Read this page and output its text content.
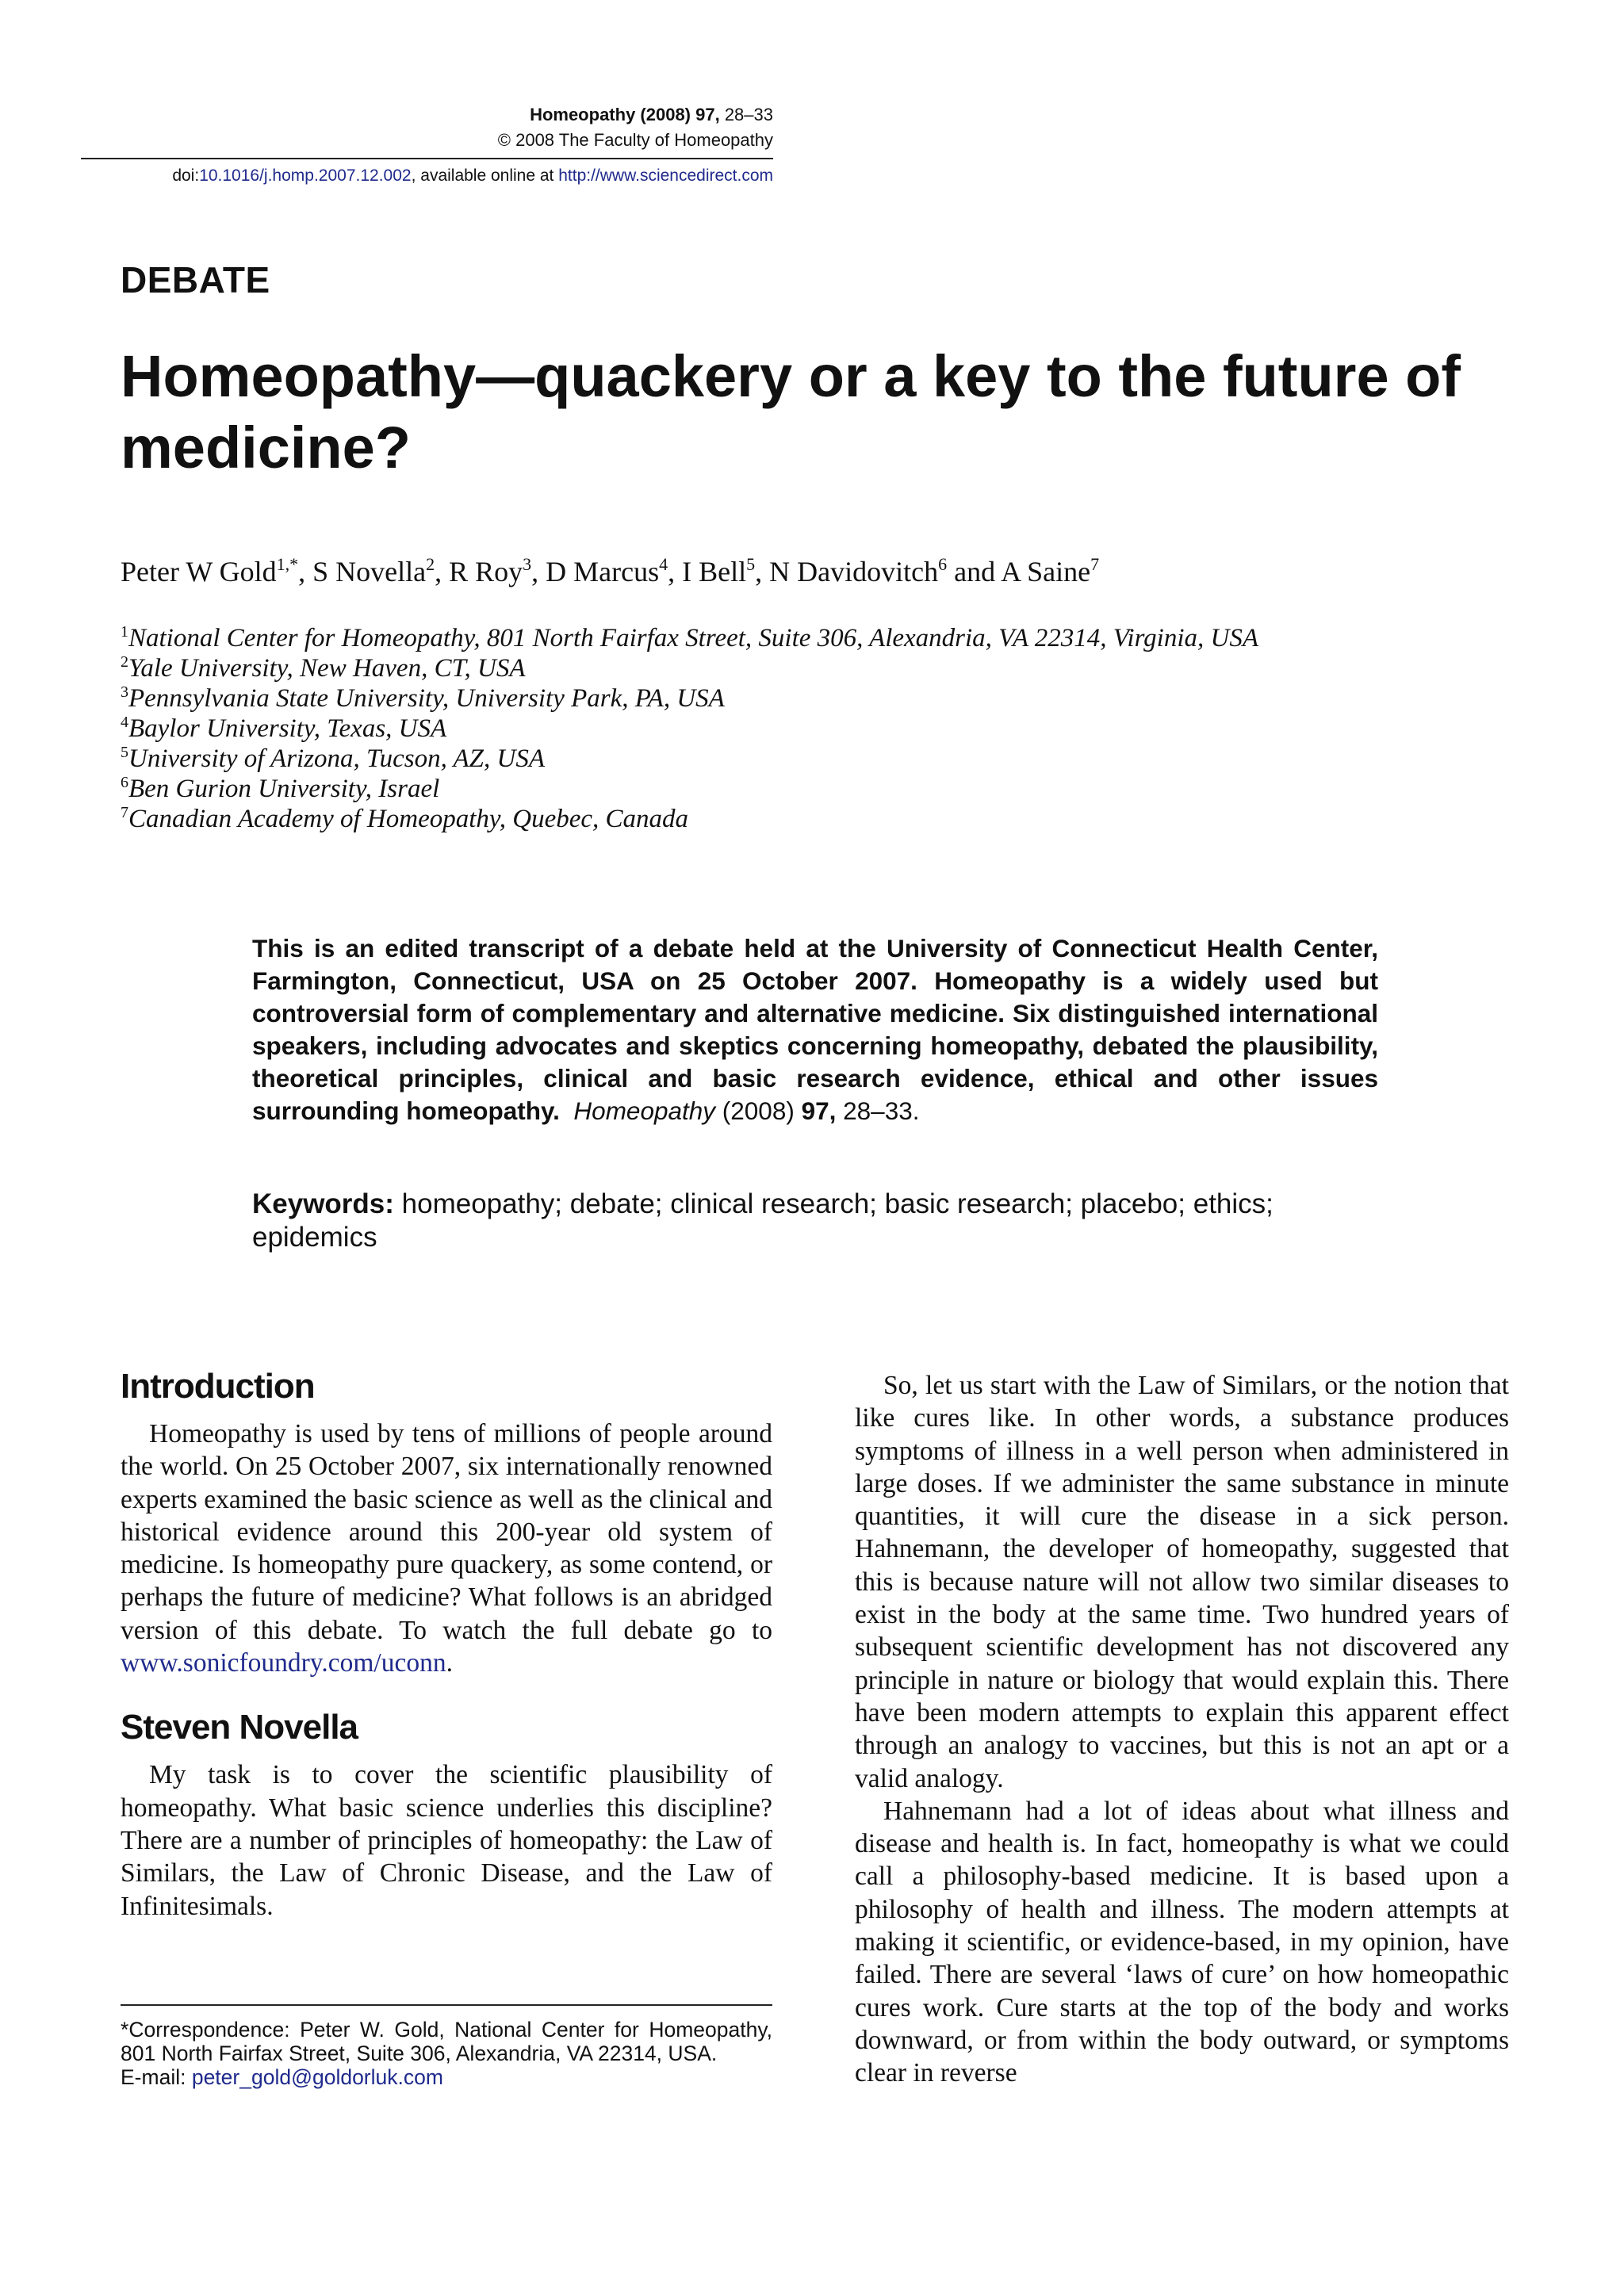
Homeopathy (2008) 97, 28–33
© 2008 The Faculty of Homeopathy
doi:10.1016/j.homp.2007.12.002, available online at http://www.sciencedirect.com
DEBATE
Homeopathy—quackery or a key to the future of medicine?
Peter W Gold$^{1,*}$, S Novella$^2$, R Roy$^3$, D Marcus$^4$, I Bell$^5$, N Davidovitch$^6$ and A Saine$^7$
$^1$National Center for Homeopathy, 801 North Fairfax Street, Suite 306, Alexandria, VA 22314, Virginia, USA
$^2$Yale University, New Haven, CT, USA
$^3$Pennsylvania State University, University Park, PA, USA
$^4$Baylor University, Texas, USA
$^5$University of Arizona, Tucson, AZ, USA
$^6$Ben Gurion University, Israel
$^7$Canadian Academy of Homeopathy, Quebec, Canada
This is an edited transcript of a debate held at the University of Connecticut Health Center, Farmington, Connecticut, USA on 25 October 2007. Homeopathy is a widely used but controversial form of complementary and alternative medicine. Six distinguished international speakers, including advocates and skeptics concerning homeopathy, debated the plausibility, theoretical principles, clinical and basic research evidence, ethical and other issues surrounding homeopathy. Homeopathy (2008) 97, 28–33.
Keywords: homeopathy; debate; clinical research; basic research; placebo; ethics; epidemics
Introduction

Homeopathy is used by tens of millions of people around the world. On 25 October 2007, six internationally renowned experts examined the basic science as well as the clinical and historical evidence around this 200-year old system of medicine. Is homeopathy pure quackery, as some contend, or perhaps the future of medicine? What follows is an abridged version of this debate. To watch the full debate go to www.sonicfoundry.com/uconn.

Steven Novella

My task is to cover the scientific plausibility of homeopathy. What basic science underlies this discipline? There are a number of principles of homeopathy: the Law of Similars, the Law of Chronic Disease, and the Law of Infinitesimals.

So, let us start with the Law of Similars, or the notion that like cures like. In other words, a substance produces symptoms of illness in a well person when administered in large doses. If we administer the same substance in minute quantities, it will cure the disease in a sick person. Hahnemann, the developer of homeopathy, suggested that this is because nature will not allow two similar diseases to exist in the body at the same time. Two hundred years of subsequent scientific development has not discovered any principle in nature or biology that would explain this. There have been modern attempts to explain this apparent effect through an analogy to vaccines, but this is not an apt or a valid analogy.

Hahnemann had a lot of ideas about what illness and disease and health is. In fact, homeopathy is what we could call a philosophy-based medicine. It is based upon a philosophy of health and illness. The modern attempts at making it scientific, or evidence-based, in my opinion, have failed. There are several ‘laws of cure’ on how homeopathic cures work. Cure starts at the top of the body and works downward, or from within the body outward, or symptoms clear in reverse

*Correspondence: Peter W. Gold, National Center for Homeopathy, 801 North Fairfax Street, Suite 306, Alexandria, VA 22314, USA.
E-mail: peter_gold@goldorluk.com
